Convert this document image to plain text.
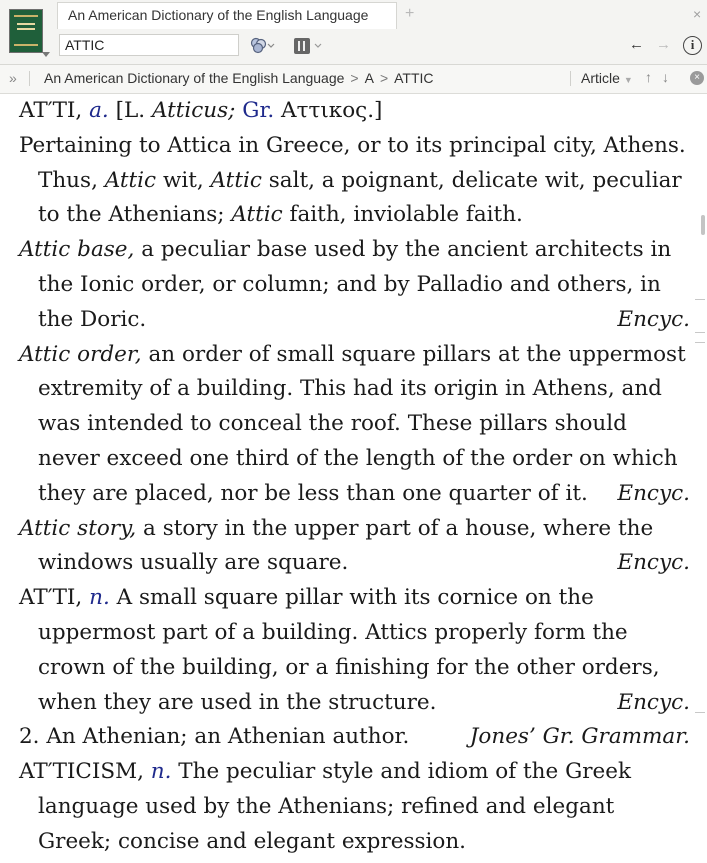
An American Dictionary of the English Language	+	×
ATTIC
← →	i
» An American Dictionary of the English Language > A > ATTIC	Article ▼ ↑ ↓	×

AT′TI, a. [L. Atticus; Gr. Αττικος.]

Pertaining to Attica in Greece, or to its principal city, Athens. Thus, Attic wit, Attic salt, a poignant, delicate wit, peculiar to the Athenians; Attic faith, inviolable faith.

Attic base, a peculiar base used by the ancient architects in the Ionic order, or column; and by Palladio and others, in the Doric.	Encyc.

Attic order, an order of small square pillars at the uppermost extremity of a building. This had its origin in Athens, and was intended to conceal the roof. These pillars should never exceed one third of the length of the order on which they are placed, nor be less than one quarter of it. Encyc.

Attic story, a story in the upper part of a house, where the windows usually are square.	Encyc.

AT′TI, n. A small square pillar with its cornice on the uppermost part of a building. Attics properly form the crown of the building, or a finishing for the other orders, when they are used in the structure.	Encyc.

2. An Athenian; an Athenian author.	Jones’ Gr. Grammar.

AT′TICISM, n. The peculiar style and idiom of the Greek language used by the Athenians; refined and elegant Greek; concise and elegant expression.
